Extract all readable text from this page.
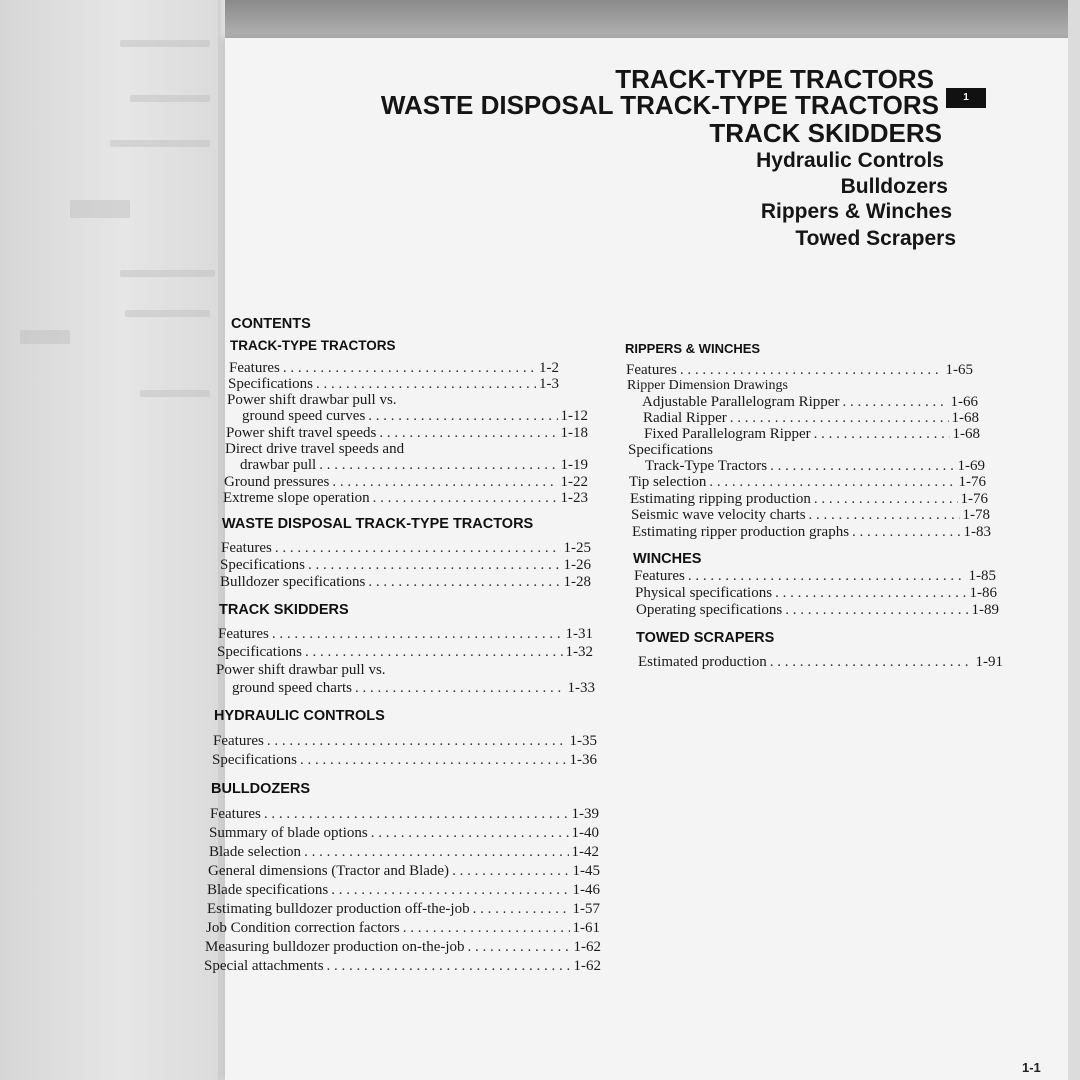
TRACK-TYPE TRACTORS
WASTE DISPOSAL TRACK-TYPE TRACTORS
TRACK SKIDDERS
Hydraulic Controls
Bulldozers
Rippers & Winches
Towed Scrapers
1
CONTENTS
TRACK-TYPE TRACTORS
Features . . .	1-2
Specifications . . .	1-3
Power shift drawbar pull vs.
ground speed curves . . .	1-12
Power shift travel speeds . . .	1-18
Direct drive travel speeds and
drawbar pull . . .	1-19
Ground pressures . . .	1-22
Extreme slope operation . . .	1-23
WASTE DISPOSAL TRACK-TYPE TRACTORS
Features . . .	1-25
Specifications . . .	1-26
Bulldozer specifications . . .	1-28
TRACK SKIDDERS
Features . . .	1-31
Specifications . . .	1-32
Power shift drawbar pull vs.
ground speed charts . . .	1-33
HYDRAULIC CONTROLS
Features . . .	1-35
Specifications . . .	1-36
BULLDOZERS
Features . . .	1-39
Summary of blade options . . .	1-40
Blade selection . . .	1-42
General dimensions (Tractor and Blade) . . .	1-45
Blade specifications . . .	1-46
Estimating bulldozer production off-the-job . . .	1-57
Job Condition correction factors . . .	1-61
Measuring bulldozer production on-the-job . . .	1-62
Special attachments . . .	1-62
RIPPERS & WINCHES
Features . . .	1-65
Ripper Dimension Drawings
Adjustable Parallelogram Ripper . . .	1-66
Radial Ripper . . .	1-68
Fixed Parallelogram Ripper . . .	1-68
Specifications
Track-Type Tractors . . .	1-69
Tip selection . . .	1-76
Estimating ripping production . . .	1-76
Seismic wave velocity charts . . .	1-78
Estimating ripper production graphs . . .	1-83
WINCHES
Features . . .	1-85
Physical specifications . . .	1-86
Operating specifications . . .	1-89
TOWED SCRAPERS
Estimated production . . .	1-91
1-1
